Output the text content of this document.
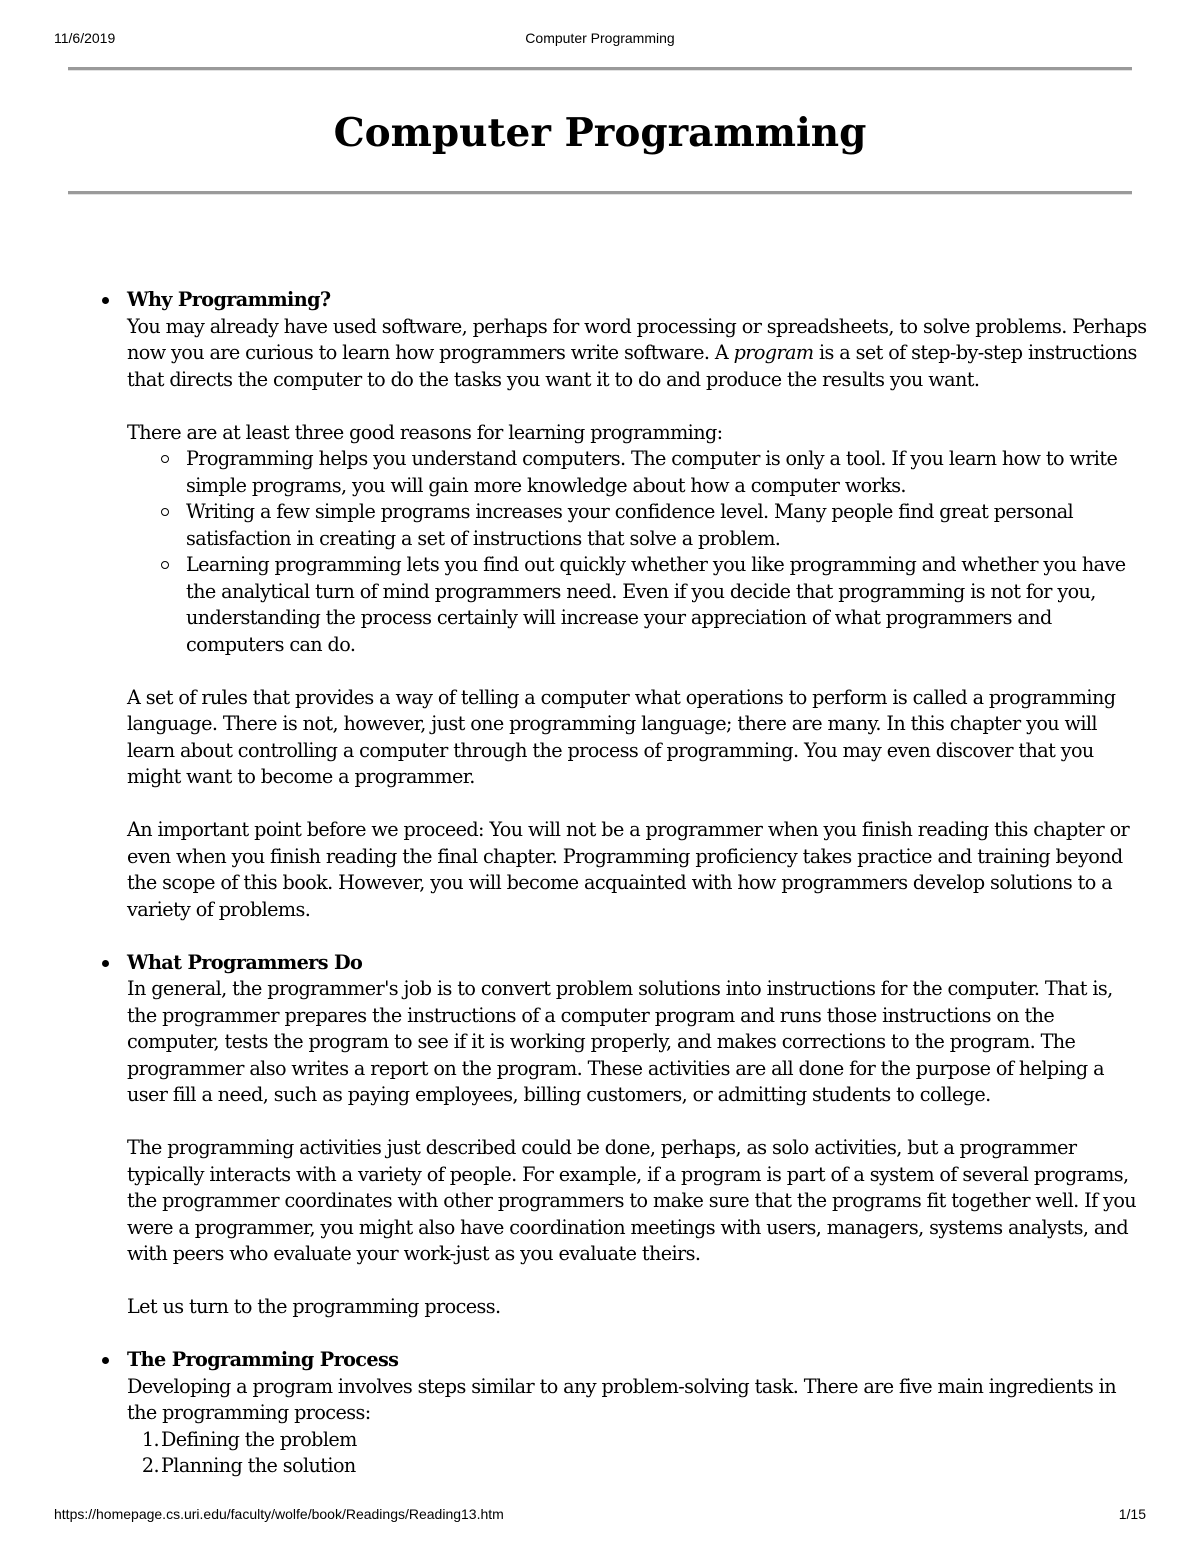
11/6/2019	Computer Programming
Computer Programming
Why Programming?

You may already have used software, perhaps for word processing or spreadsheets, to solve problems. Perhaps now you are curious to learn how programmers write software. A program is a set of step-by-step instructions that directs the computer to do the tasks you want it to do and produce the results you want.

There are at least three good reasons for learning programming:

Programming helps you understand computers. The computer is only a tool. If you learn how to write simple programs, you will gain more knowledge about how a computer works.
Writing a few simple programs increases your confidence level. Many people find great personal satisfaction in creating a set of instructions that solve a problem.
Learning programming lets you find out quickly whether you like programming and whether you have the analytical turn of mind programmers need. Even if you decide that programming is not for you, understanding the process certainly will increase your appreciation of what programmers and computers can do.

A set of rules that provides a way of telling a computer what operations to perform is called a programming language. There is not, however, just one programming language; there are many. In this chapter you will learn about controlling a computer through the process of programming. You may even discover that you might want to become a programmer.

An important point before we proceed: You will not be a programmer when you finish reading this chapter or even when you finish reading the final chapter. Programming proficiency takes practice and training beyond the scope of this book. However, you will become acquainted with how programmers develop solutions to a variety of problems.

What Programmers Do

In general, the programmer's job is to convert problem solutions into instructions for the computer. That is, the programmer prepares the instructions of a computer program and runs those instructions on the computer, tests the program to see if it is working properly, and makes corrections to the program. The programmer also writes a report on the program. These activities are all done for the purpose of helping a user fill a need, such as paying employees, billing customers, or admitting students to college.

The programming activities just described could be done, perhaps, as solo activities, but a programmer typically interacts with a variety of people. For example, if a program is part of a system of several programs, the programmer coordinates with other programmers to make sure that the programs fit together well. If you were a programmer, you might also have coordination meetings with users, managers, systems analysts, and with peers who evaluate your work-just as you evaluate theirs.

Let us turn to the programming process.

The Programming Process

Developing a program involves steps similar to any problem-solving task. There are five main ingredients in the programming process:

1. Defining the problem
2. Planning the solution
https://homepage.cs.uri.edu/faculty/wolfe/book/Readings/Reading13.htm	1/15
